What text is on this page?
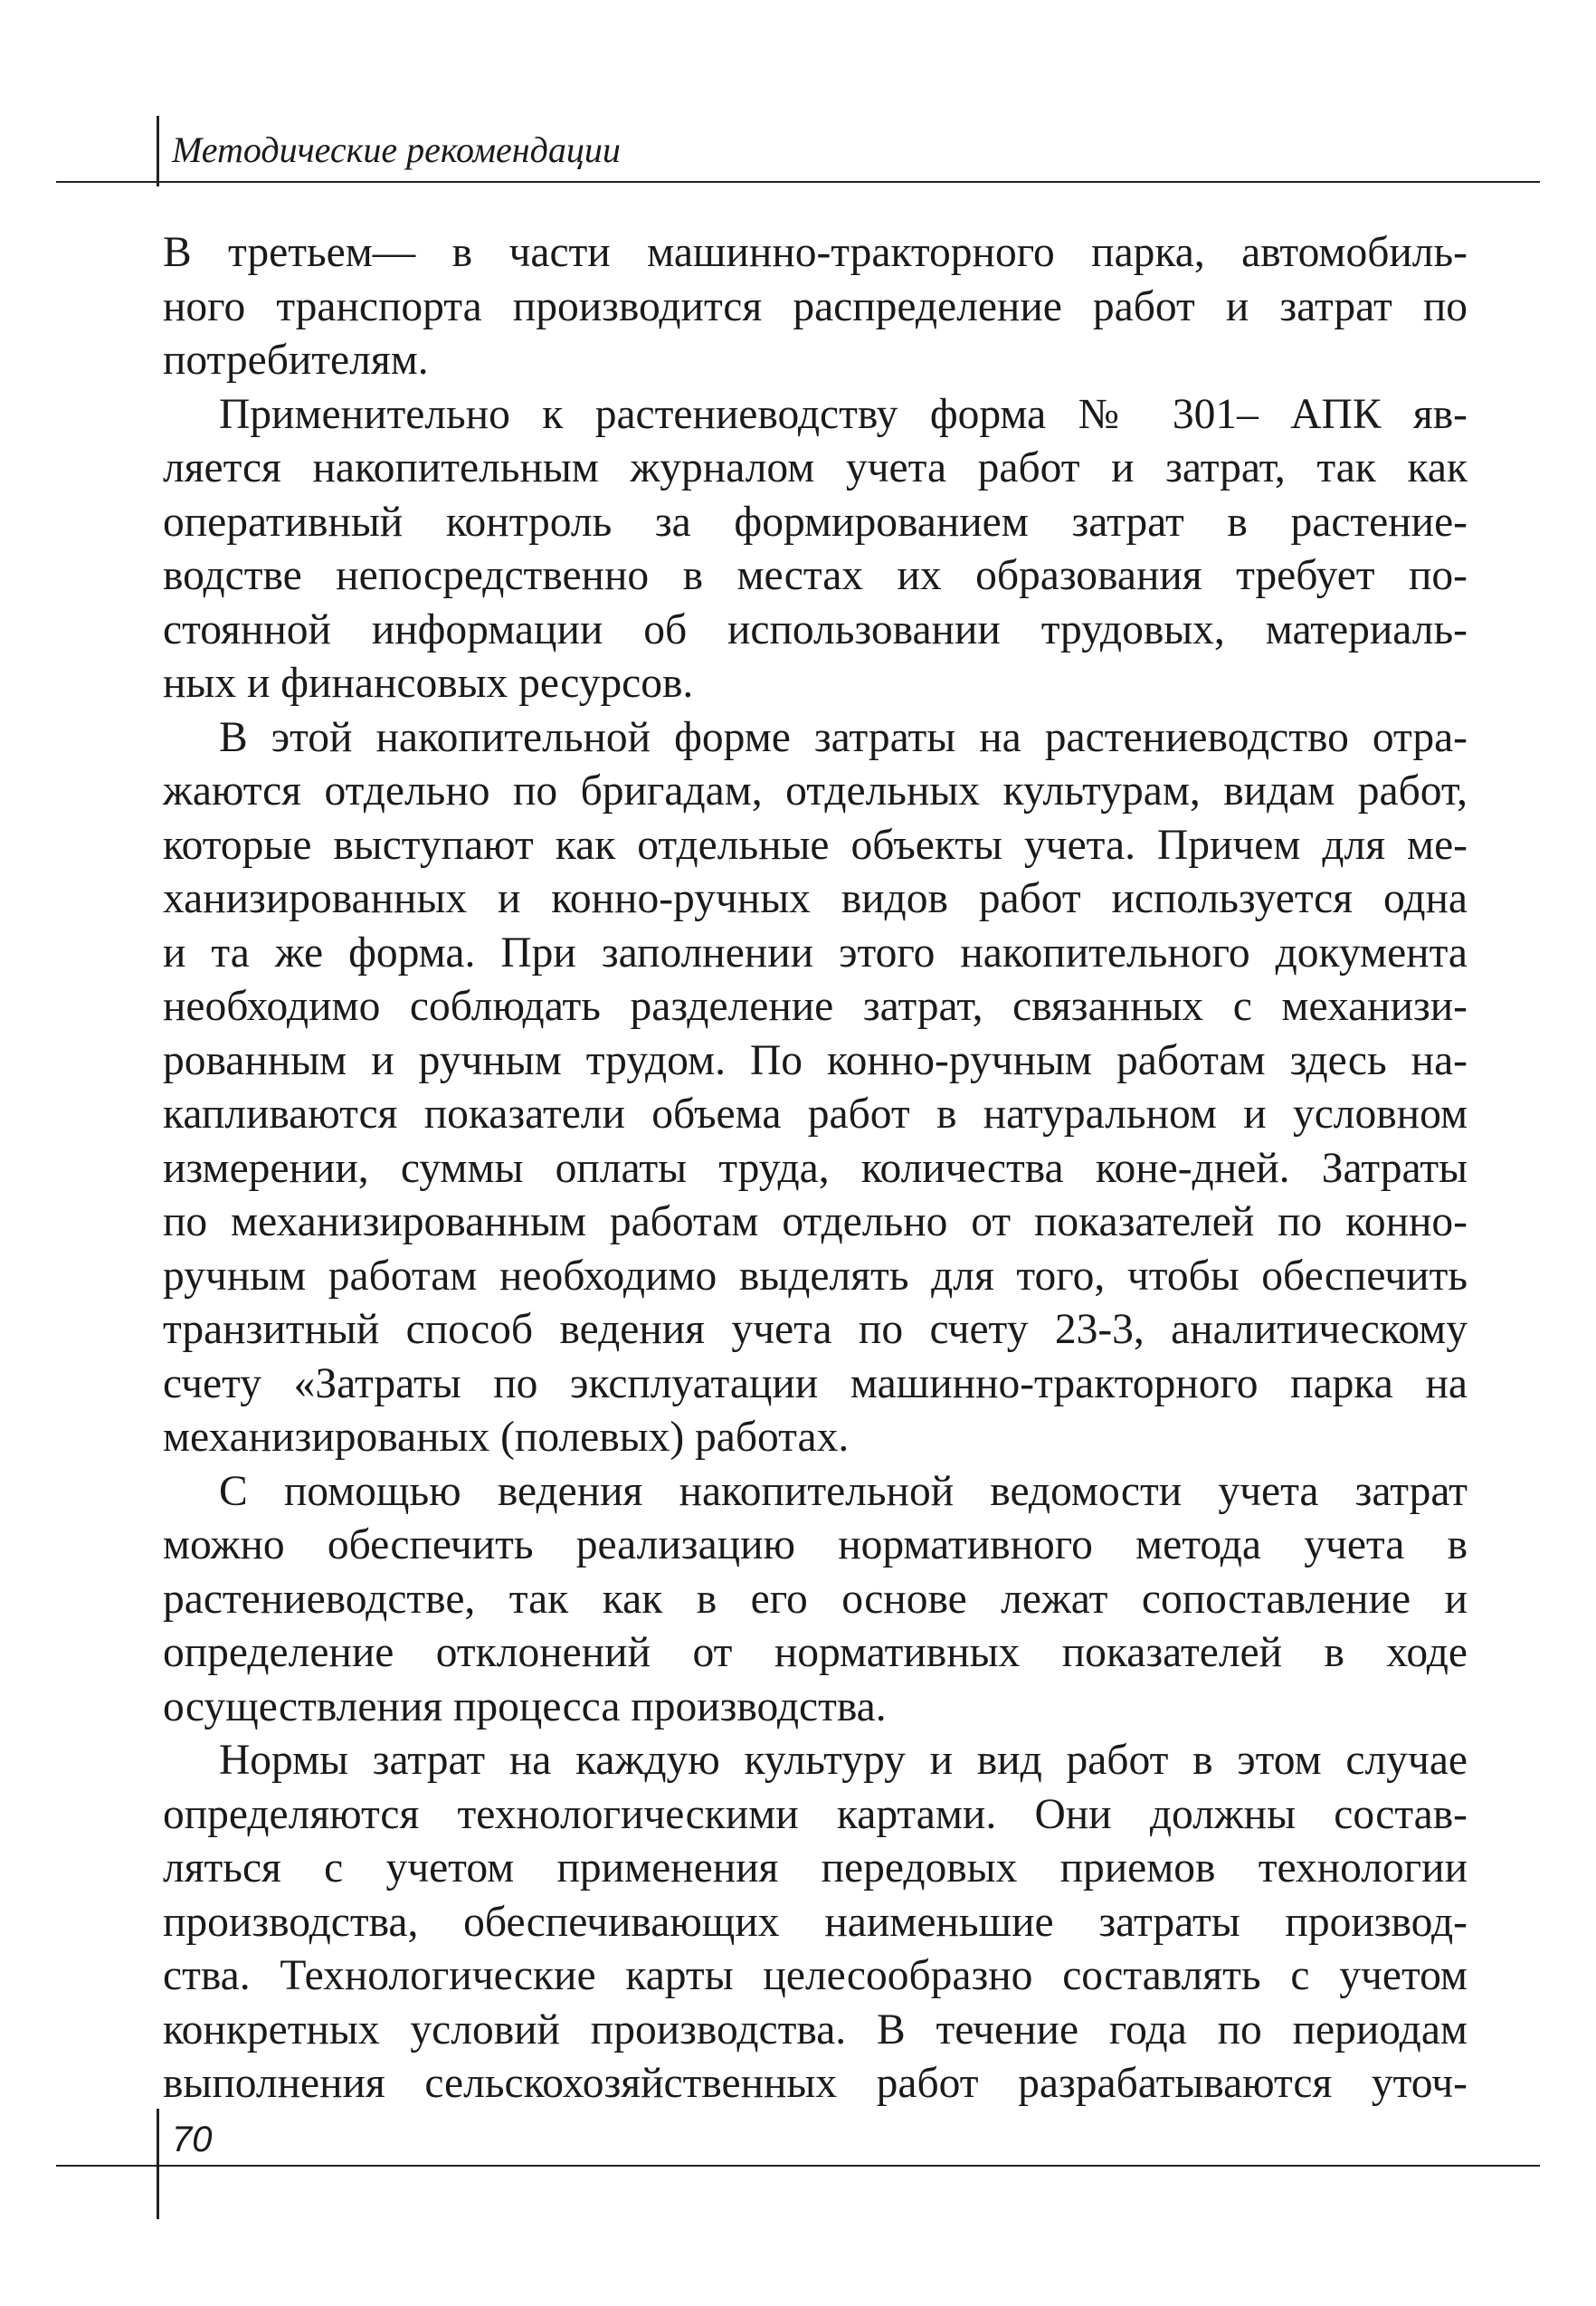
Методические рекомендации
В третьем— в части машинно-тракторного парка, автомобиль-
ного транспорта производится распределение работ и затрат по
потребителям.
Применительно к растениеводству форма № 301– АПК яв-
ляется накопительным журналом учета работ и затрат, так как
оперативный контроль за формированием затрат в растение-
водстве непосредственно в местах их образования требует по-
стоянной информации об использовании трудовых, материаль-
ных и финансовых ресурсов.
В этой накопительной форме затраты на растениеводство отра-
жаются отдельно по бригадам, отдельных культурам, видам работ,
которые выступают как отдельные объекты учета. Причем для ме-
ханизированных и конно-ручных видов работ используется одна
и та же форма. При заполнении этого накопительного документа
необходимо соблюдать разделение затрат, связанных с механизи-
рованным и ручным трудом. По конно-ручным работам здесь на-
капливаются показатели объема работ в натуральном и условном
измерении, суммы оплаты труда, количества коне-дней. Затраты
по механизированным работам отдельно от показателей по конно-
ручным работам необходимо выделять для того, чтобы обеспечить
транзитный способ ведения учета по счету 23-3, аналитическому
счету «Затраты по эксплуатации машинно-тракторного парка на
механизированых (полевых) работах.
С помощью ведения накопительной ведомости учета затрат
можно обеспечить реализацию нормативного метода учета в
растениеводстве, так как в его основе лежат сопоставление и
определение отклонений от нормативных показателей в ходе
осуществления процесса производства.
Нормы затрат на каждую культуру и вид работ в этом случае
определяются технологическими картами. Они должны состав-
ляться с учетом применения передовых приемов технологии
производства, обеспечивающих наименьшие затраты производ-
ства. Технологические карты целесообразно составлять с учетом
конкретных условий производства. В течение года по периодам
выполнения сельскохозяйственных работ разрабатываются уточ-
70
